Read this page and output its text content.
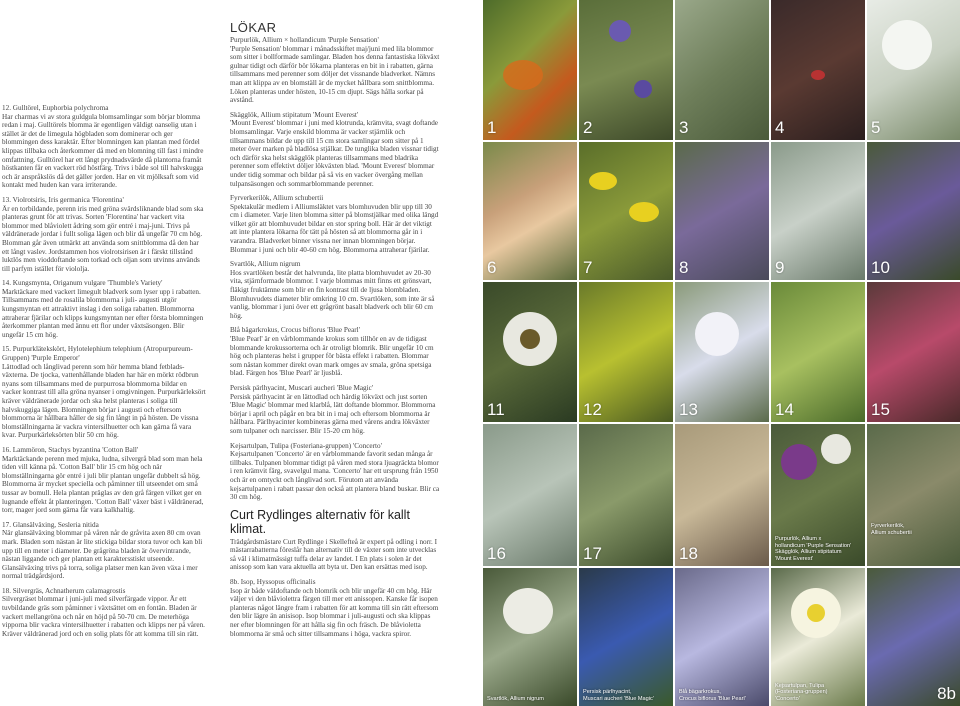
LÖKAR

12. Gulltörel, Euphorbia polychroma
Har charmas vi av stora guldgula blomsamlingar som börjar blomma redan i maj. Gulltörels blomma är egentligen väldigt oanselig utan i stället är det de limegula högbladen som dominerar och ger blommingen dess karaktär. Efter blomningen kan plantan med fördel klippas tillbaka och återkommer då med en blomning till fast i mindre omfattning. Gulltörel har ett långt prydnadsvärde då plantorna framåt höstkanten får en vackert röd höstfärg. Trivs i både sol till halvskugga och är anspråkslös då det gäller jorden. Har en vit mjölksaft som vid kontakt med huden kan vara irriterande.

13. Violrotsiris, Iris germanica 'Florentina'
Är en torbildande, perenn iris med gröna svärdsliknande blad som ska planteras grunt för att trivas. Sorten 'Florentina' har vackert vita blommor med blåviolett ådring som gör entré i maj-juni. Trivs på väldränerade jordar i fullt soliga lägen och blir då ungefär 70 cm hög. Blomman går även utmärkt att använda som snittblomma då den har ett långt vaslev. Jordstammen hos violrotsirisen är i färskt tillstånd luktlös men vioddoftande som torkad och oljan som utvinns används till parfym istället för viololja.

14. Kungsmynta, Origanum vulgare 'Thumble's Variety'
Marktäckare med vackert limegult bladverk som lyser upp i rabatten. Tillsammans med de rosalila blommorna i juli- augusti utgör kungsmyntan ett attraktivt inslag i den soliga rabatten. Blommorna attraherar fjärilar och klipps kungsmyntan ner efter första blomningen återkommer plantan med ännu ett flor under växtsäsongen. Blir ungefär 15 cm hög.

15. Purpurklätekskört, Hylotelephium telephium (Atropurpureum-Gruppen) 'Purple Emperor'
Lättodlad och långlivad perenn som hör hemma bland fetblads-växterna. De tjocka, vattenhållande bladen har här en mörkt rödbrun nyans som tillsammans med de purpurrosa blommorna bildar en vacker kontrast till alla gröna nyanser i omgivningen. Purpurkärleksört kräver väldränerade jordar och ska helst planteras i soliga till halvskuggiga lägen. Blomningen börjar i augusti och eftersom blommorna är hållbara håller de sig fin långt in på hösten. De vissna blomställningarna är vackra vintersilhuetter och kan gärna få vara kvar. Purpurkärleksörten blir 50 cm hög.

16. Lammöron, Stachys byzantina 'Cotton Ball'
Marktäckande perenn med mjuka, ludna, silvergrå blad som man hela tiden vill känna på. 'Cotton Ball' blir 15 cm hög och när blomställningarna gör entré i juli blir plantan ungefär dubbelt så hög. Blommorna är mycket speciella och påminner till utseendet om små tussar av bomull. Hela plantan präglas av den grå färgen vilket ger en lugnande effekt åt planteringen. 'Cotton Ball' växer bäst i väldränerad, torr, mager jord som gärna får vara kalkhaltig.

17. Glansälväxing, Sesleria nitida
När glansälväxing blommar på våren når de gråvita axen 80 cm ovan mark. Bladen som nästan är lite stickiga bildar stora tuvor och kan bli upp till en meter i diameter. De grågröna bladen är övervintrande, nästan liggande och ger plantan ett karaktersstiskt utseende. Glansälväxing trivs på torra, soliga platser men kan även växa i mer normal trädgårdsjord.

18. Silvergräs, Achnatherum calamagrostis
Silvergräset blommar i juni-juli med silverfärgade vippor. Är ett tuvbildande gräs som påminner i växtsättet om en fontän. Bladen är vackert mellangröna och når en höjd på 50-70 cm. De meterhöga vipporna blir vackra vintersilhuetter i rabatten och klipps ner på våren. Kräver väldränerad jord och en solig plats för att komma till sin rätt.

Purpurlök, Allium × hollandicum 'Purple Sensation'
'Purple Sensation' blommar i månadsskiftet maj/juni med lila blommor som sitter i bollformade samlingar. Bladen hos denna fantastiska lökväxt gulnar tidigt och därför bör lökarna planteras en bit in i rabatten, gärna tillsammans med perenner som döljer det vissnande bladverket. Nämns man att klippa av en blomställ är de mycket hållbara som snittblomma. Löken planteras under hösten, 10-15 cm djupt. Sägs hålla sorkar på avstånd.

Skägglök, Allium stipitatum 'Mount Everest'
'Mount Everest' blommar i juni med klotrunda, krämvita, svagt doftande blomsamlingar. Varje enskild blomma är vacker stjärnlik och tillsammans bildar de upp till 15 cm stora samlingar som sitter på 1 meter över marken på bladlösa stjälkar. De tunglika bladen vissnar tidigt och därför ska helst skägglök planteras tillsammans med bladrika perenner som effektivt döljer lökväxten blad. 'Mount Everest' blommar under tidig sommar och bildar på så vis en vacker övergång mellan tulpansäsongen och sommarblommande perenner.

Fyrverkerilök, Allium schubertii
Spektakulär medlem i Alliumsläktet vars blomhuvuden blir upp till 30 cm i diameter. Varje liten blomma sitter på blomstjälkar med olika längd vilket gör att blomhuvudet bildar en stor spring boll. Här är det viktigt att inte plantera lökarna för tätt på hösten så att blommorna går in i varandra. Bladverket binner vissna ner innan blomningen börjar. Blommar i juni och blir 40-60 cm hög. Blommorna attraherar fjärilar.

Svartlök, Allium nigrum
Hos svartlöken består det halvrunda, lite platta blomhuvudet av 20-30 vita, stjärnformade blommor. I varje blommas mitt finns ett grönsvart, fläkigt fruktämne som blir en fin kontrast till de ljusa blombladen. Blomhuvudets diameter blir omkring 10 cm. Svartlöken, som inte är så vanlig, blommar i juni över ett grågrönt basalt bladverk och blir 60 cm hög.

Blå bägarkrokus, Crocus biflorus 'Blue Pearl'
'Blue Pearl' är en vårblommande krokus som tillhör en av de tidigast blommande krokussorterna och är otroligt blomrik. Blir ungefär 10 cm hög och planteras helst i grupper för bästa effekt i rabatten. Blommar som nästan kommer direkt ovan mark omges av smala, gröna spetsiga blad. Färgen hos 'Blue Pearl' är ljusblå.

Persisk pärlhyacint, Muscari aucheri 'Blue Magic'
Persisk pärlhyacint är en lättodlad och härdig lökväxt och just sorten 'Blue Magic' blommar med klarblå, lätt doftande blommor. Blommorna börjar i april och pågår en bra bit in i maj och eftersom blommorna är hållbara. Pärlhyacinter kombineras gärna med vårens andra lökväxter som tulpaner och narcisser. Blir 15-20 cm hög.

Kejsartulpan, Tulipa (Fosteriana-gruppen) 'Concerto'
Kejsartulpanen 'Concerto' är en vårblommande favorit sedan många år tillbaks. Tulpanen blommar tidigt på våren med stora ljuagräckta blomor i ren krämvit färg, svavelgul mana. 'Concerto' har ett ursprung från 1950 och är en omtyckt och långlivad sort. Förutom att använda kejsartulpanen i rabatt passar den också att plantera bland buskar. Blir ca 30 cm hög.

Curt Rydlinges alternativ för kallt klimat.

Trädgårdsmästare Curt Rydlinge i Skellefteå är expert på odling i norr. I mästarrabatterna föreslår han alternativ till de växter som inte utvecklas så väl i klimatmässigt tuffa delar av landet. I En plats i solen är det anissop som kan vara aktuella att byta ut. Den kan ersättas med isop.

8b. Isop, Hyssopus officinalis
Isop är både väldoftande och blomrik och blir ungefär 40 cm hög. Här väljer vi den blåviolettra färgen till mer ett anissopen. Kanske får isopen planteras något längre fram i rabatten för att komma till sin rätt eftersom den blir lägre än anisisop. Isop blommar i juli-augusti och ska klippas ner efter blomningen för att hålla sig fin och fräsch. De blåvioletta blommorna är små och sitter tillsammans i höga, vackra spiror.

1	2	3	4	5
6	7	8	9	10
11	12	13	14	15
16	17	18
Purpurlök, Allium x
hollandicum 'Purple Sensation'
Skägglök, Allium stipitatum
'Mount Everest'
Fyrverkerilök,
Allium schubertii
Svartlök, Allium nigrum
Persisk pärlhyacint,
Muscari aucheri 'Blue Magic'
Blå bägarkrokus,
Crocus biflorus 'Blue Pearl'
Kejsartulpan, Tulipa
(Fosteriana-gruppen)
'Concerto'	8b
